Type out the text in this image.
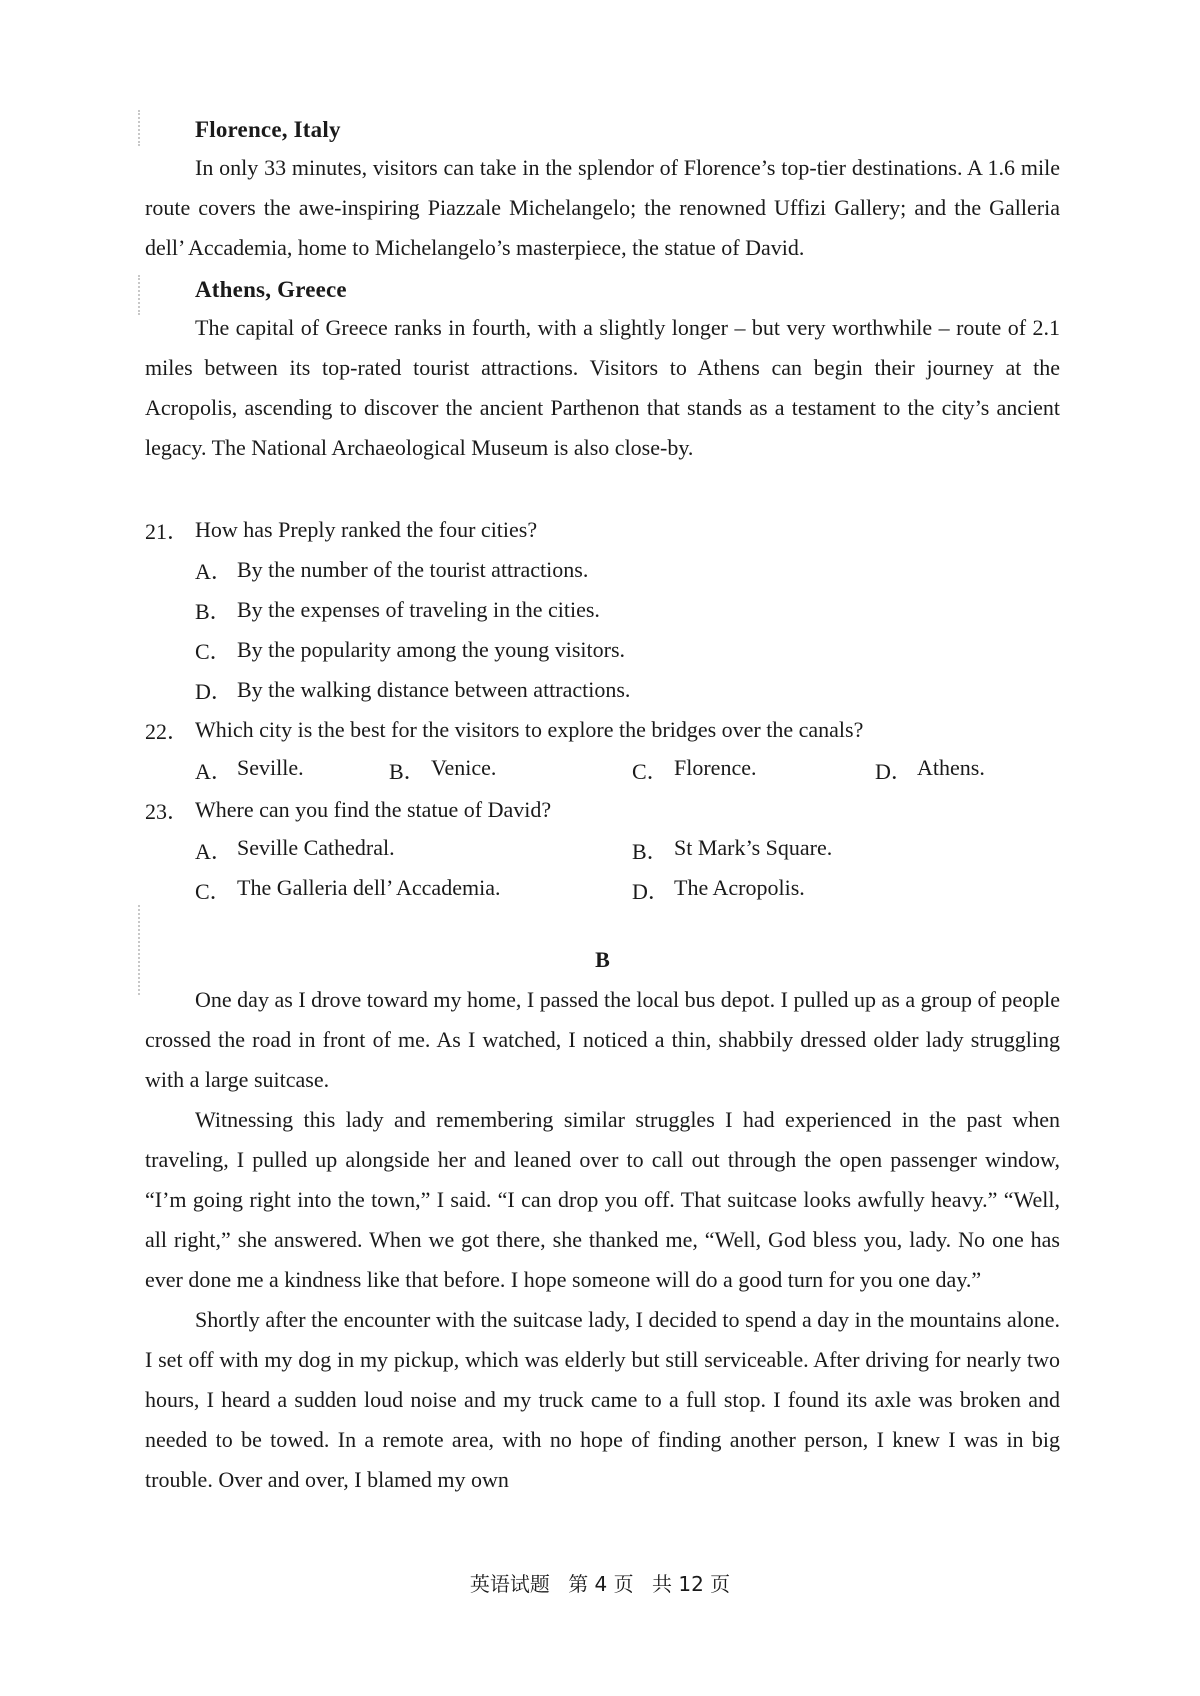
Florence, Italy

In only 33 minutes, visitors can take in the splendor of Florence’s top-tier destinations. A 1.6 mile route covers the awe-inspiring Piazzale Michelangelo; the renowned Uffizi Gallery; and the Galleria dell’ Accademia, home to Michelangelo’s masterpiece, the statue of David.

Athens, Greece

The capital of Greece ranks in fourth, with a slightly longer – but very worthwhile – route of 2.1 miles between its top-rated tourist attractions. Visitors to Athens can begin their journey at the Acropolis, ascending to discover the ancient Parthenon that stands as a testament to the city’s ancient legacy. The National Archaeological Museum is also close-by.

21． How has Preply ranked the four cities?
A． By the number of the tourist attractions.
B． By the expenses of traveling in the cities.
C． By the popularity among the young visitors.
D． By the walking distance between attractions.
22． Which city is the best for the visitors to explore the bridges over the canals?
A． Seville.	B． Venice.	C． Florence.	D． Athens.
23． Where can you find the statue of David?
A． Seville Cathedral.	B． St Mark’s Square.
C． The Galleria dell’ Accademia.	D． The Acropolis.
B

One day as I drove toward my home, I passed the local bus depot. I pulled up as a group of people crossed the road in front of me. As I watched, I noticed a thin, shabbily dressed older lady struggling with a large suitcase.

Witnessing this lady and remembering similar struggles I had experienced in the past when traveling, I pulled up alongside her and leaned over to call out through the open passenger window, “I’m going right into the town,” I said. “I can drop you off. That suitcase looks awfully heavy.” “Well, all right,” she answered. When we got there, she thanked me, “Well, God bless you, lady. No one has ever done me a kindness like that before. I hope someone will do a good turn for you one day.”

Shortly after the encounter with the suitcase lady, I decided to spend a day in the mountains alone. I set off with my dog in my pickup, which was elderly but still serviceable. After driving for nearly two hours, I heard a sudden loud noise and my truck came to a full stop. I found its axle was broken and needed to be towed. In a remote area, with no hope of finding another person, I knew I was in big trouble. Over and over, I blamed my own

英语试题 第 4 页 共 12 页
